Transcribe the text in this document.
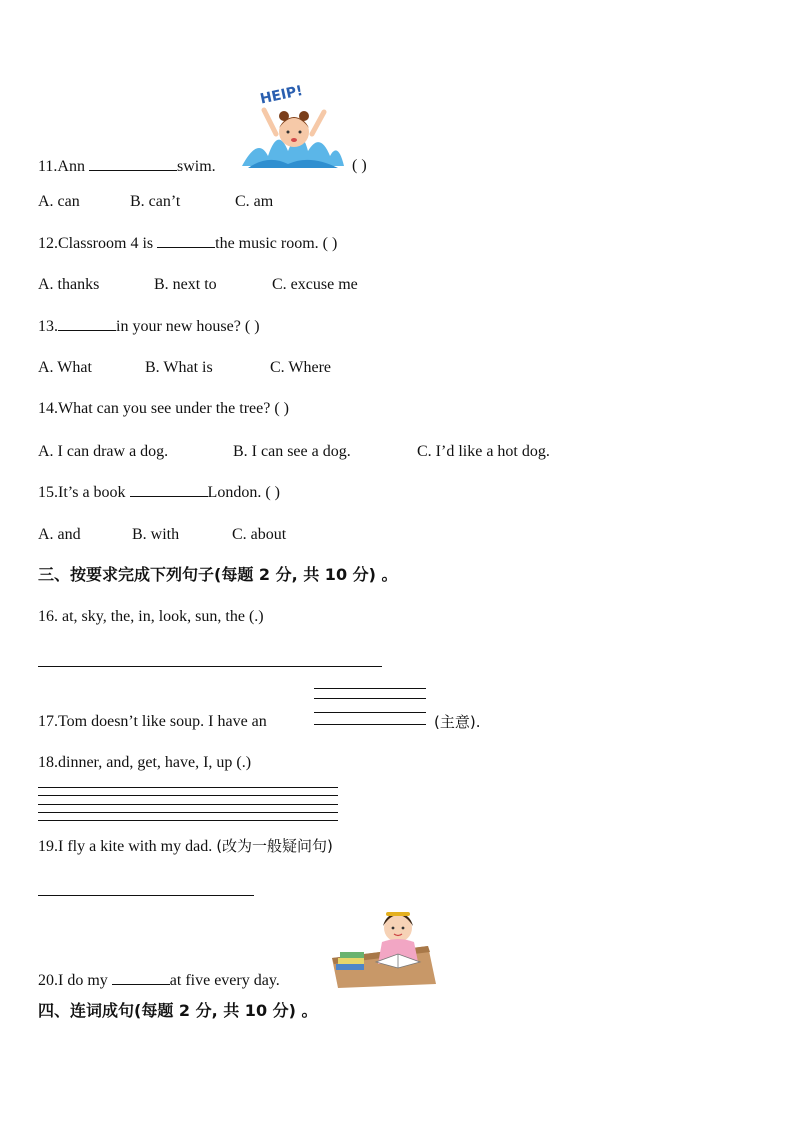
HEIP!
11.Ann	swim.	( )
A. can	B. can’t	C. am
12.Classroom 4 is	the music room. ( )
A. thanks	B. next to	C. excuse me
13.	in your new house? ( )
A. What	B. What is	C. Where
14.What can you see under the tree? ( )
A. I can draw a dog.	B. I can see a dog.	C. I’d like a hot dog.
15.It’s a book	London. ( )
A. and	B. with	C. about
三、按要求完成下列句子(每题 2 分, 共 10 分) 。
16. at, sky, the, in, look, sun, the (.)
17.Tom doesn’t like soup. I have an	(主意).
18.dinner, and, get, have, I, up (.)
19.I fly a kite with my dad. (改为一般疑问句)
20.I do my	at five every day.
四、连词成句(每题 2 分, 共 10 分) 。
